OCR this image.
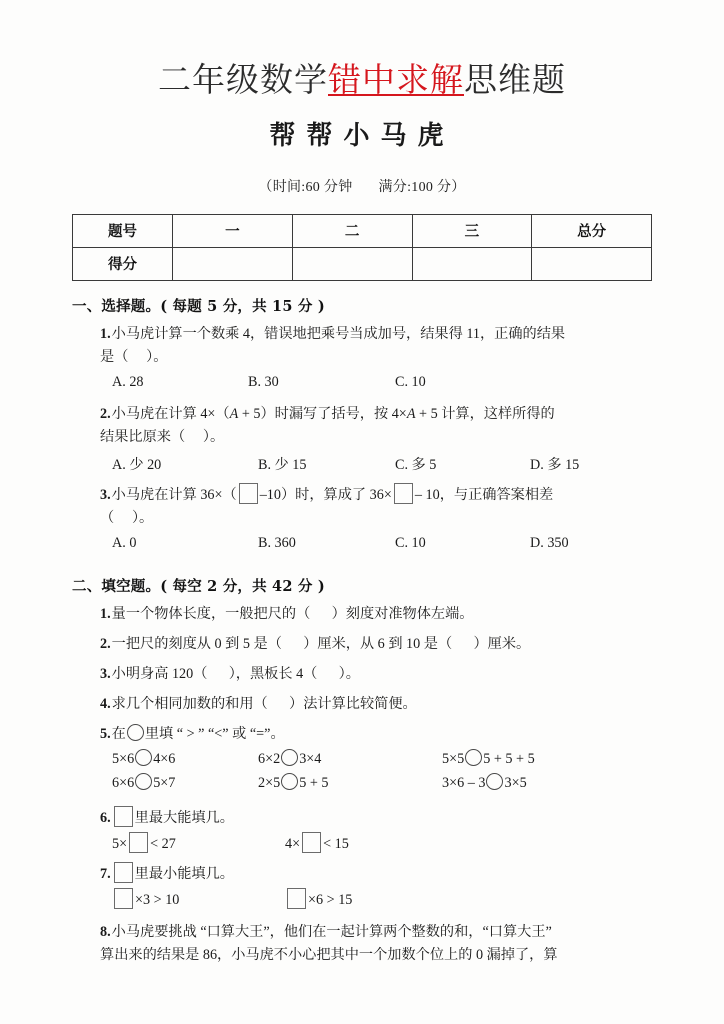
二年级数学错中求解思维题
帮帮小马虎
（时间:60 分钟 满分:100 分）
题号	一	二	三	总分
得分				
一、选择题。( 每题 5 分，共 15 分 )
1.小马虎计算一个数乘 4，错误地把乘号当成加号，结果得 11，正确的结果
是（ ）。
A. 28	B. 30	C. 10
2.小马虎在计算 4×（A + 5）时漏写了括号，按 4×A + 5 计算，这样所得的
结果比原来（ ）。
A. 少 20	B. 少 15	C. 多 5	D. 多 15
3.小马虎在计算 36×（ –10）时，算成了 36× – 10，与正确答案相差
（ ）。
A. 0	B. 360	C. 10	D. 350
二、填空题。( 每空 2 分，共 42 分 )
1.量一个物体长度，一般把尺的（ ）刻度对准物体左端。
2.一把尺的刻度从 0 到 5 是（ ）厘米，从 6 到 10 是（ ）厘米。
3.小明身高 120（ ），黑板长 4（ ）。
4.求几个相同加数的和用（ ）法计算比较简便。
5.在 里填 “ > ” “<” 或 “=”。
5×6 4×6	6×2 3×4	5×5 5 + 5 + 5
6×6 5×7	2×5 5 + 5	3×6 – 3 3×5
6. 里最大能填几。
5× < 27	4× < 15
7. 里最小能填几。
×3 > 10	×6 > 15
8.小马虎要挑战 “口算大王”，他们在一起计算两个整数的和，“口算大王”
算出来的结果是 86，小马虎不小心把其中一个加数个位上的 0 漏掉了，算
